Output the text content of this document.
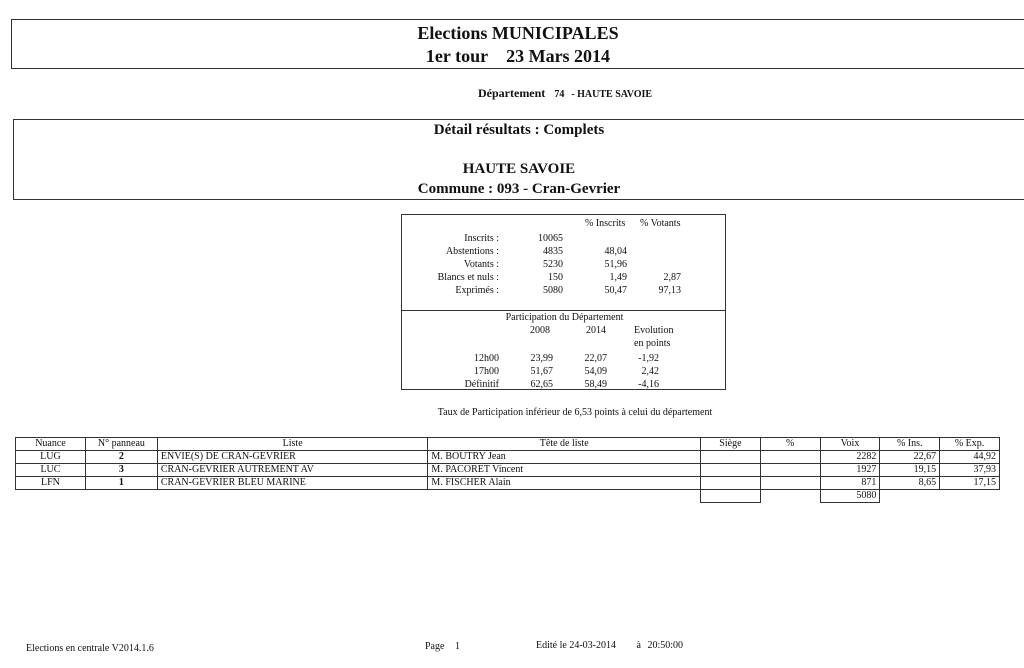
Elections MUNICIPALES
1er tour 23 Mars 2014
Département 74 - HAUTE SAVOIE
Détail résultats : Complets
HAUTE SAVOIE
Commune : 093 - Cran-Gevrier
% Inscrits % Votants
Inscrits :	10065		
Abstentions :	4835	48,04	
Votants :	5230	51,96	
Blancs et nuls :	150	1,49	2,87
Exprimés :	5080	50,47	97,13
Participation du Département
2008	2014	Evolution
en points
12h00	23,99	22,07	-1,92
17h00	51,67	54,09	2,42
Définitif	62,65	58,49	-4,16
Taux de Participation inférieur de 6,53 points à celui du département
Nuance	N° panneau	Liste	Tête de liste	Siège	%	Voix	% Ins.	% Exp.
LUG	2	ENVIE(S) DE CRAN-GEVRIER	M. BOUTRY Jean			2282	22,67	44,92
LUC	3	CRAN-GEVRIER AUTREMENT AV	M. PACORET Vincent			1927	19,15	37,93
LFN	1	CRAN-GEVRIER BLEU MARINE	M. FISCHER Alain			871	8,65	17,15
						5080		
Elections en centrale V2014.1.6	Page 1	Edité le 24-03-2014 à 20:50:00
